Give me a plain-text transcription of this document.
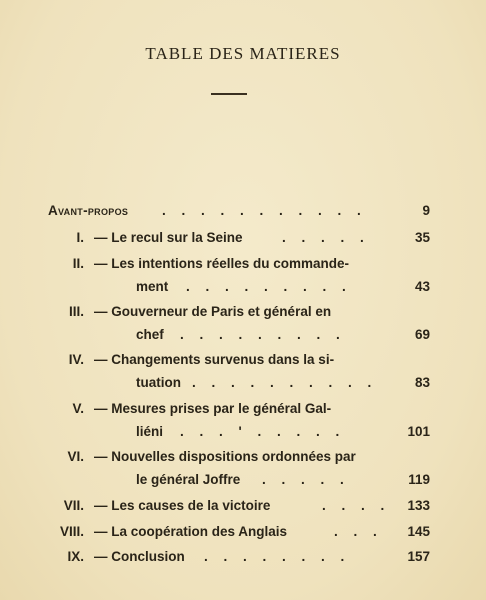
TABLE DES MATIERES
Avant-propos	. . . . . . . . . . .	9
I. — Le recul sur la Seine	. . . . .	35
II. — Les intentions réelles du commande-
ment . . . . . . . . .	43
III. — Gouverneur de Paris et général en
chef . . . . . . . . .	69
IV. — Changements survenus dans la si-
tuation . . . . . . . . . .	83
V. — Mesures prises par le général Gal-
liéni . . . ' . . . . .	101
VI. — Nouvelles dispositions ordonnées par
le général Joffre . . . . .	119
VII. — Les causes de la victoire	. . . .	133
VIII. — La coopération des Anglais	. . .	145
IX. — Conclusion . . . . . . . .	157
